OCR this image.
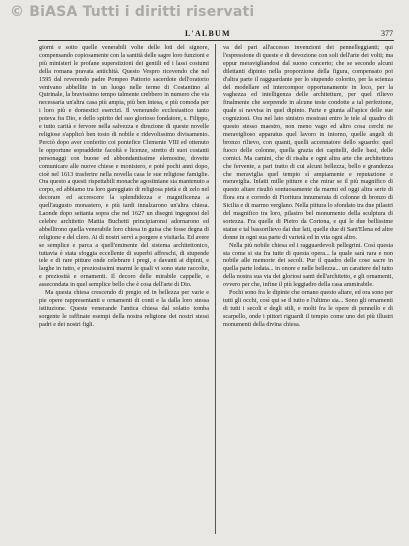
© BiASA Tutti i diritti riservati
L'ALBUM	377

giorni e sotto quelle venerabili volte delle loti del signore, compensando copiosamente con la santità delle sagre loro funzioni e più ministeri le profane superstizioni dei gentili ed i lassi costumi della romana pravata antichità. Questo Vespro ricevendo che nel 1595 dal reverendo padre Pompeo Pattorio sacerdote dell'oratorio venivano abbellite in un luogo nelle terme di Costantino al Quirinale, la bravissimo tempo talmente crebbero in numero che via necessaria un'altra casa più ampia, più ben intesa, e più comoda per i loro più e domestici esercizi. Il venerando ecclesiastico tanto poteva fra Dio, e dello spirito del suo glorioso fondatore, s. Filippo, e tutto carità e fervore nella salvezza e direzione di queste novelle religiose s'applicò ben tosto di nobile e ridevolissimo divisamento. Perciò dopo aver conferito coi pontefice Clemente VIII ed ottenuto le opportune sopraddette facoltà e licenze, stretto di suoi costanti personaggi con buone ed abbondantissime elemosine, dovette comunicare alle nuove chiese e monistero, e poté pochi anni dopo, cioè nel 1613 trasferire nella novella casa le sue religiose famiglie. Ora questo a questi rispettabili monache agostiniane sia mantenuto a corpo, ed abbiamo tra loro gareggiato di religiosa pietà e di zelo nel decorare ed accrescere la splendidezza e magnificenza a quell'augusto monastero, e più tardi innalzarono un'altra chiesa. Laonde dopo settanta sopra che nel 1627 un disegni ingegnosi del celebre architetto Mattia Buchetti principiaronsi adornarono ed abbellirono quella venerabile loro chiesa in guisa che fosse degna di religione e del clero. Ai dì nostri servì a porgere e visitarla. Ed avere se semplice e parca a quell'eminente del sistema architettonico, tuttavia è stata sfoggia eccellente di superbi affreschi, di stupende tele e di rare pitture onde celebrare i pregi, e davanti ai dipinti, e larghe in tutto, e preziosissimi marmi le quali vi sono state raccolte, e preziosità e ornamenti. Il decoro delle mirabile cappelle, e assecondata in quel semplice bello che è cosa dell'arte di Dio.

Ma questa chiesa crescendo di pregio ed in bellezza per varie e pie opere rappresentanti e ornamenti di conti e la dalla loro stessa istituzione. Queste venerande l'antica chiesa dal solatio tomba sorgente le raffinate esempi della nostra religione dei nostri stessi padri e dei nostri figli.

va del pari all'accesso invenzioni dei pennelleggianti; qui l'espressione di queste e di devozione con soli dell'arte dei volti; ma eppur meravigliandosi dal suono concerto; che se secondo alcuni dilettanti dipinto nella proporzione della figura, compensato poi d'altra parte il ragguardante per lo stupendo colorito, per la scienza del modellare ed intercompor opportunamente in loco, per la vaghezza ed intelligenza delle architetture, per quel rilievo finalmente che sorprende in alcune teste condotte a tal perfezione, quale si ravvisa in quel dipinto. Parte e giunta all'apice delle sue cognizioni. Ora nel lato sinistro mostrasi entro le tele al quadro di questo stesso maestro, non meno vago ed altro cosa cerchi ne meraviglioso apparatus quel lavoro in intorno, quelle angeli di bronzo rilievo, con quanti, quelli accennatore dello sguardo: quel fuoco delle colonne, quella grazia dei capitelli, delle basi, delle cornici. Ma camini, che di risalta e ogni altra arte che architettura che fervente, a pari tratto di cui alcuni bellezza, bello e grandezza che meraviglia quel tempio sì ampiamente e reputazione e meraviglia. Infatti mille pitture e che mirar se il più magnifico di questo altare risultò sontuosamente da marmi ed oggi altra serie di flora era e corredo di Fioritura innumerata di colonne di bronzo di Sicilia e di marmo verglano. Nella pittura lo sfondato tra due pilastri del magnifico tra loro, pilastro bel monumento della sculptura di sortezza. Fra quelle di Pietro da Cortona, e qui le due bellissime statue e tal bassorilievo dai due lati, quelle due di Sant'Elena ed altre donne in ogni sua parte di varietà ed in vita ogni altro.

Nella più nobile chiesa ed i ragguardevoli pellegrini. Così questa sta come si sta fra tutte di questa opera... la quale sarà rara e non nobile alle memorie dei secoli. Pur il quadro delle cose sacre in quella parte lodata... in onore e nelle bellezza... un carattere del tutto della nostra sua via dei gloriosi santi dell'architetto, e gli ornamenti, ovvero per che, infine il più leggiadro della casa ammirabile.

Pochi sono fra le dipinte che ornano questo altare, ed ora sono per tutti gli occhi, così qui se il tutto e l'ultimo sia... Sono gli ornamenti di tutti i secoli e degli stili, e molti fra le opere di pennello e di scarpello, onde i pittori riguardi il tempio come uno dei più illustri monumenti della divina chiesa.
